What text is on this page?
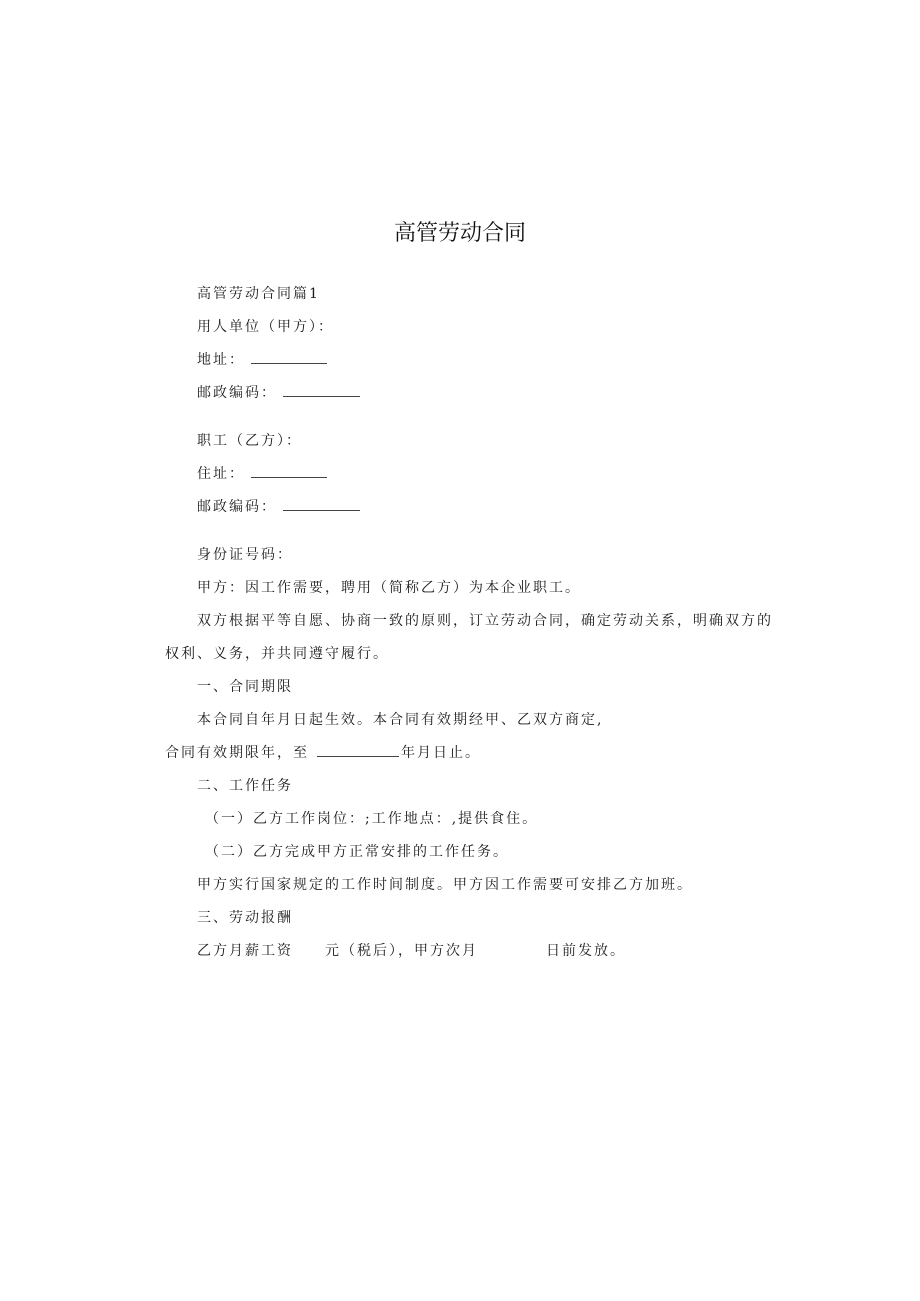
高管劳动合同

高管劳动合同篇1

用人单位（甲方）：

地址：

邮政编码：

职工（乙方）：

住址：

邮政编码：

身份证号码：

甲方：因工作需要，聘用（简称乙方）为本企业职工。

双方根据平等自愿、协商一致的原则，订立劳动合同，确定劳动关系，明确双方的

权利、义务，并共同遵守履行。

一、合同期限

本合同自年月日起生效。本合同有效期经甲、乙双方商定,

合同有效期限年，至	年月日止。

二、工作任务

（一）乙方工作岗位：;工作地点：,提供食住。

（二）乙方完成甲方正常安排的工作任务。

甲方实行国家规定的工作时间制度。甲方因工作需要可安排乙方加班。

三、劳动报酬

乙方月薪工资 元（税后），甲方次月	日前发放。
